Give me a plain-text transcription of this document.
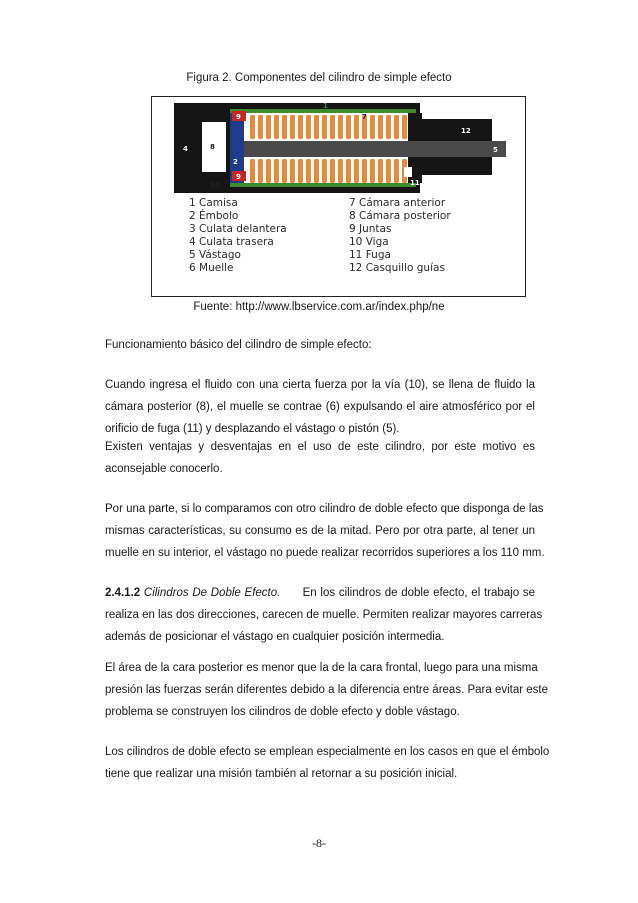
Figura 2. Componentes del cilindro de simple efecto
1
7
9
9
12
4	8
2
5
10	11
1 Camisa
2 Émbolo
3 Culata delantera
4 Culata trasera
5 Vástago
6 Muelle
7 Cámara anterior
8 Cámara posterior
9 Juntas
10 Viga
11 Fuga
12 Casquillo guías
Fuente: http://www.lbservice.com.ar/index.php/ne
Funcionamiento básico del cilindro de simple efecto:
Cuando ingresa el fluido con una cierta fuerza por la vía (10), se llena de fluido la
cámara posterior (8), el muelle se contrae (6) expulsando el aire atmosférico por el
orificio de fuga (11) y desplazando el vástago o pistón (5).
Existen ventajas y desventajas en el uso de este cilindro, por este motivo es
aconsejable conocerlo.
Por una parte, si lo comparamos con otro cilindro de doble efecto que disponga de las
mismas características, su consumo es de la mitad. Pero por otra parte, al tener un
muelle en su interior, el vástago no puede realizar recorridos superiores a los 110 mm.
2.4.1.2 Cilindros De Doble Efecto. En los cilindros de doble efecto, el trabajo se
realiza en las dos direcciones, carecen de muelle. Permiten realizar mayores carreras
además de posicionar el vástago en cualquier posición intermedia.
El área de la cara posterior es menor que la de la cara frontal, luego para una misma
presión las fuerzas serán diferentes debido a la diferencia entre áreas. Para evitar este
problema se construyen los cilindros de doble efecto y doble vástago.
Los cilindros de doble efecto se emplean especialmente en los casos en que el émbolo
tiene que realizar una misión también al retornar a su posición inicial.
-8-
